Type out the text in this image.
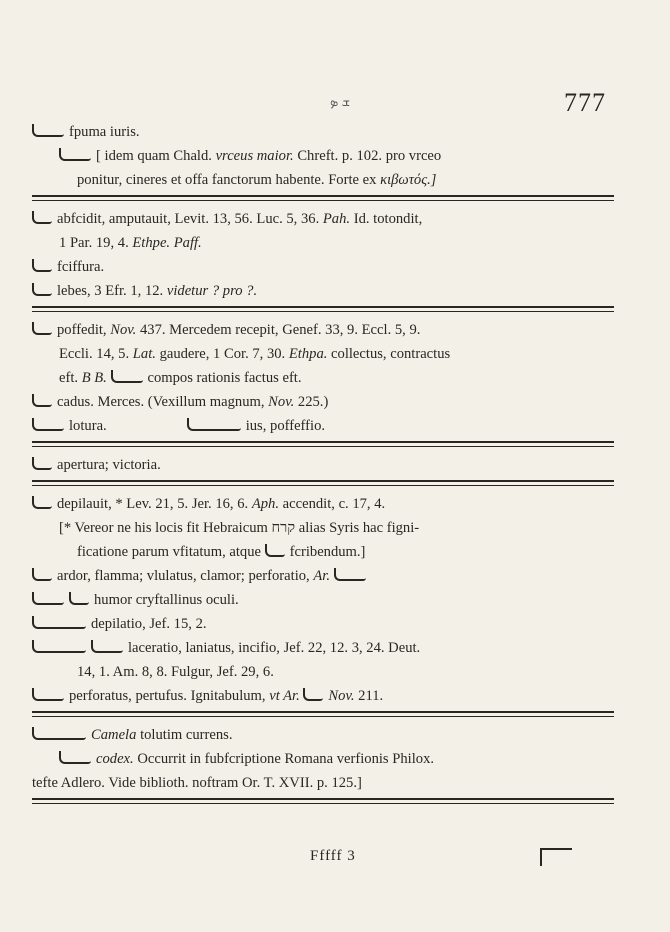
ܫ ܤ	777
fpuma iuris.
[ idem quam Chald. vrceus maior. Chreft. p. 102. pro vrceo
ponitur, cineres et offa fanctorum habente. Forte ex κιβωτός.]
abfcidit, amputauit, Levit. 13, 56. Luc. 5, 36. Pah. Id. totondit,
1 Par. 19, 4. Ethpe. Paff.
fciffura.
lebes, 3 Efr. 1, 12. videtur ? pro ?.
poffedit, Nov. 437. Mercedem recepit, Genef. 33, 9. Eccl. 5, 9.
Eccli. 14, 5. Lat. gaudere, 1 Cor. 7, 30. Ethpa. collectus, contractus
eft. B B.	compos rationis factus eft.
cadus. Merces. (Vexillum magnum, Nov. 225.)
lotura.	ius, poffeffio.
apertura; victoria.
depilauit, * Lev. 21, 5. Jer. 16, 6. Aph. accendit, c. 17, 4.
[* Vereor ne his locis fit Hebraicum קרח alias Syris hac figni-
ficatione parum vfitatum, atque fcribendum.]
ardor, flamma; vlulatus, clamor; perforatio, Ar.
humor cryftallinus oculi.
depilatio, Jef. 15, 2.
laceratio, laniatus, incifio, Jef. 22, 12. 3, 24. Deut.
14, 1. Am. 8, 8. Fulgur, Jef. 29, 6.
perforatus, pertufus. Ignitabulum, vt Ar. Nov. 211.
Camela tolutim currens.
codex. Occurrit in fubfcriptione Romana verfionis Philox.
tefte Adlero. Vide biblioth. noftram Or. T. XVII. p. 125.]
Fffff 3
